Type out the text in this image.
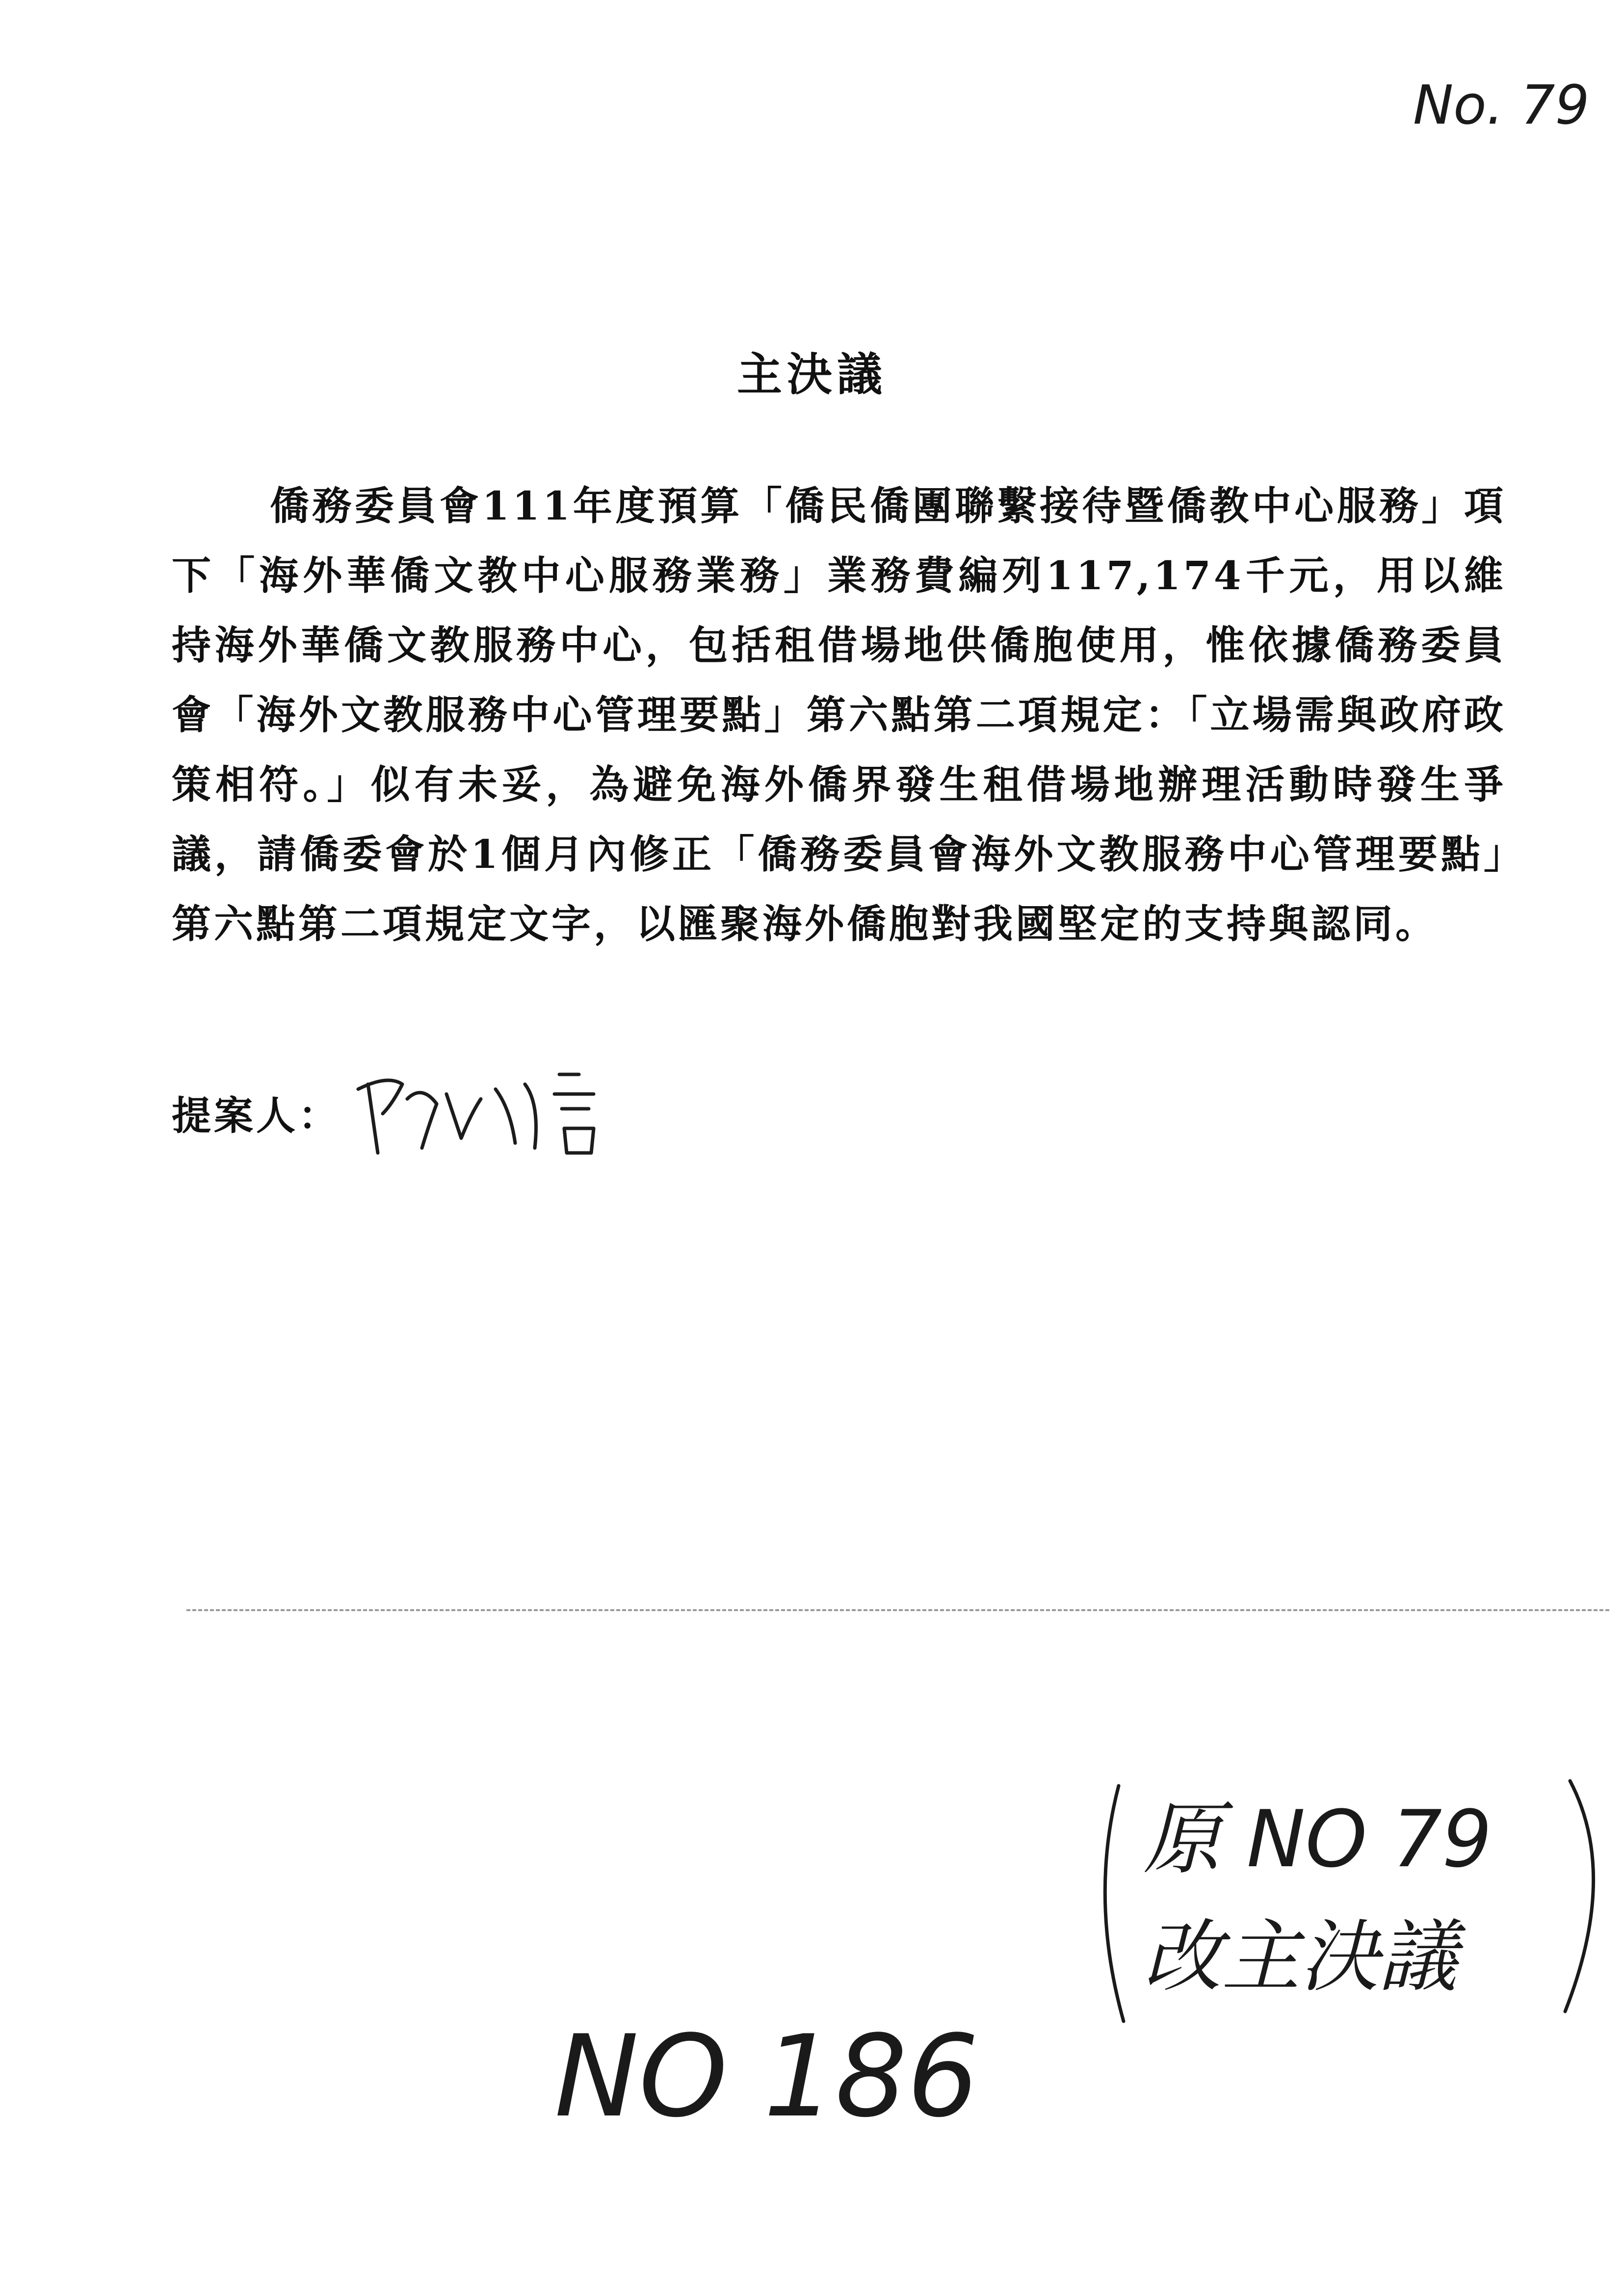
No. 79
主決議

僑務委員會111年度預算「僑民僑團聯繫接待暨僑教中心服務」項下「海外華僑文教中心服務業務」業務費編列117,174千元，用以維持海外華僑文教服務中心，包括租借場地供僑胞使用，惟依據僑務委員會「海外文教服務中心管理要點」第六點第二項規定：「立場需與政府政策相符。」似有未妥，為避免海外僑界發生租借場地辦理活動時發生爭議，請僑委會於1個月內修正「僑務委員會海外文教服務中心管理要點」第六點第二項規定文字，以匯聚海外僑胞對我國堅定的支持與認同。

提案人：
原 NO 79
改主決議
NO 186
